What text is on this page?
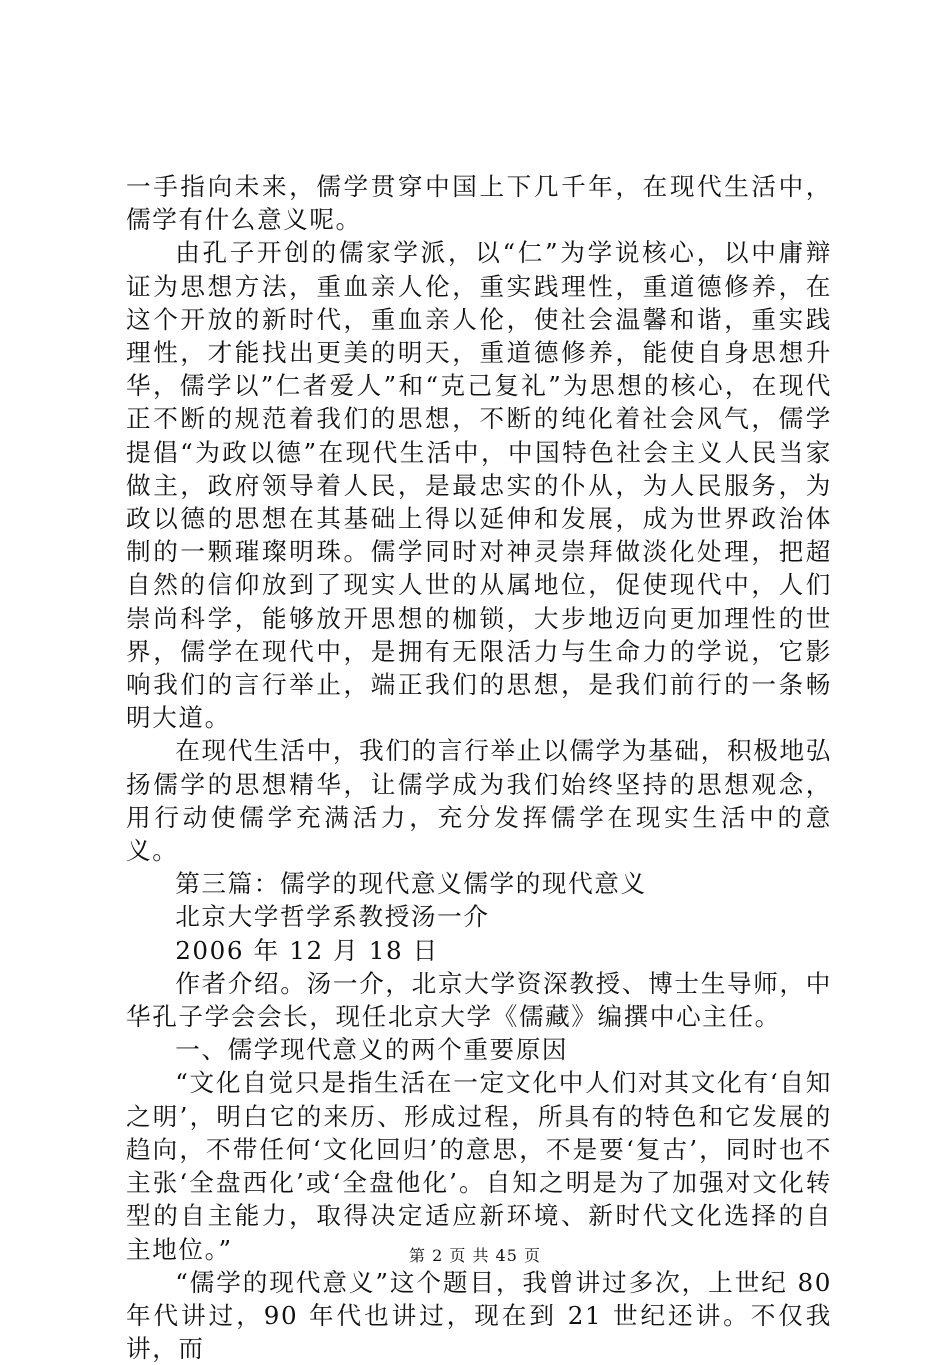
一手指向未来，儒学贯穿中国上下几千年，在现代生活中，儒学有什么意义呢。

由孔子开创的儒家学派，以“仁”为学说核心，以中庸辩证为思想方法，重血亲人伦，重实践理性，重道德修养，在这个开放的新时代，重血亲人伦，使社会温馨和谐，重实践理性，才能找出更美的明天，重道德修养，能使自身思想升华，儒学以”仁者爱人”和“克己复礼”为思想的核心，在现代正不断的规范着我们的思想，不断的纯化着社会风气，儒学提倡“为政以德”在现代生活中，中国特色社会主义人民当家做主，政府领导着人民，是最忠实的仆从，为人民服务，为政以德的思想在其基础上得以延伸和发展，成为世界政治体制的一颗璀璨明珠。儒学同时对神灵崇拜做淡化处理，把超自然的信仰放到了现实人世的从属地位，促使现代中，人们崇尚科学，能够放开思想的枷锁，大步地迈向更加理性的世界，儒学在现代中，是拥有无限活力与生命力的学说，它影响我们的言行举止，端正我们的思想，是我们前行的一条畅明大道。

在现代生活中，我们的言行举止以儒学为基础，积极地弘扬儒学的思想精华，让儒学成为我们始终坚持的思想观念，用行动使儒学充满活力，充分发挥儒学在现实生活中的意义。

第三篇：儒学的现代意义儒学的现代意义

北京大学哲学系教授汤一介

2006 年 12 月 18 日

作者介绍。汤一介，北京大学资深教授、博士生导师，中华孔子学会会长，现任北京大学《儒藏》编撰中心主任。

一、儒学现代意义的两个重要原因

“文化自觉只是指生活在一定文化中人们对其文化有‘自知之明’，明白它的来历、形成过程，所具有的特色和它发展的趋向，不带任何‘文化回归’的意思，不是要‘复古’，同时也不主张‘全盘西化’或‘全盘他化’。自知之明是为了加强对文化转型的自主能力，取得决定适应新环境、新时代文化选择的自主地位。”

“儒学的现代意义”这个题目，我曾讲过多次，上世纪 80 年代讲过，90 年代也讲过，现在到 21 世纪还讲。不仅我讲，而

第 2 页 共 45 页
